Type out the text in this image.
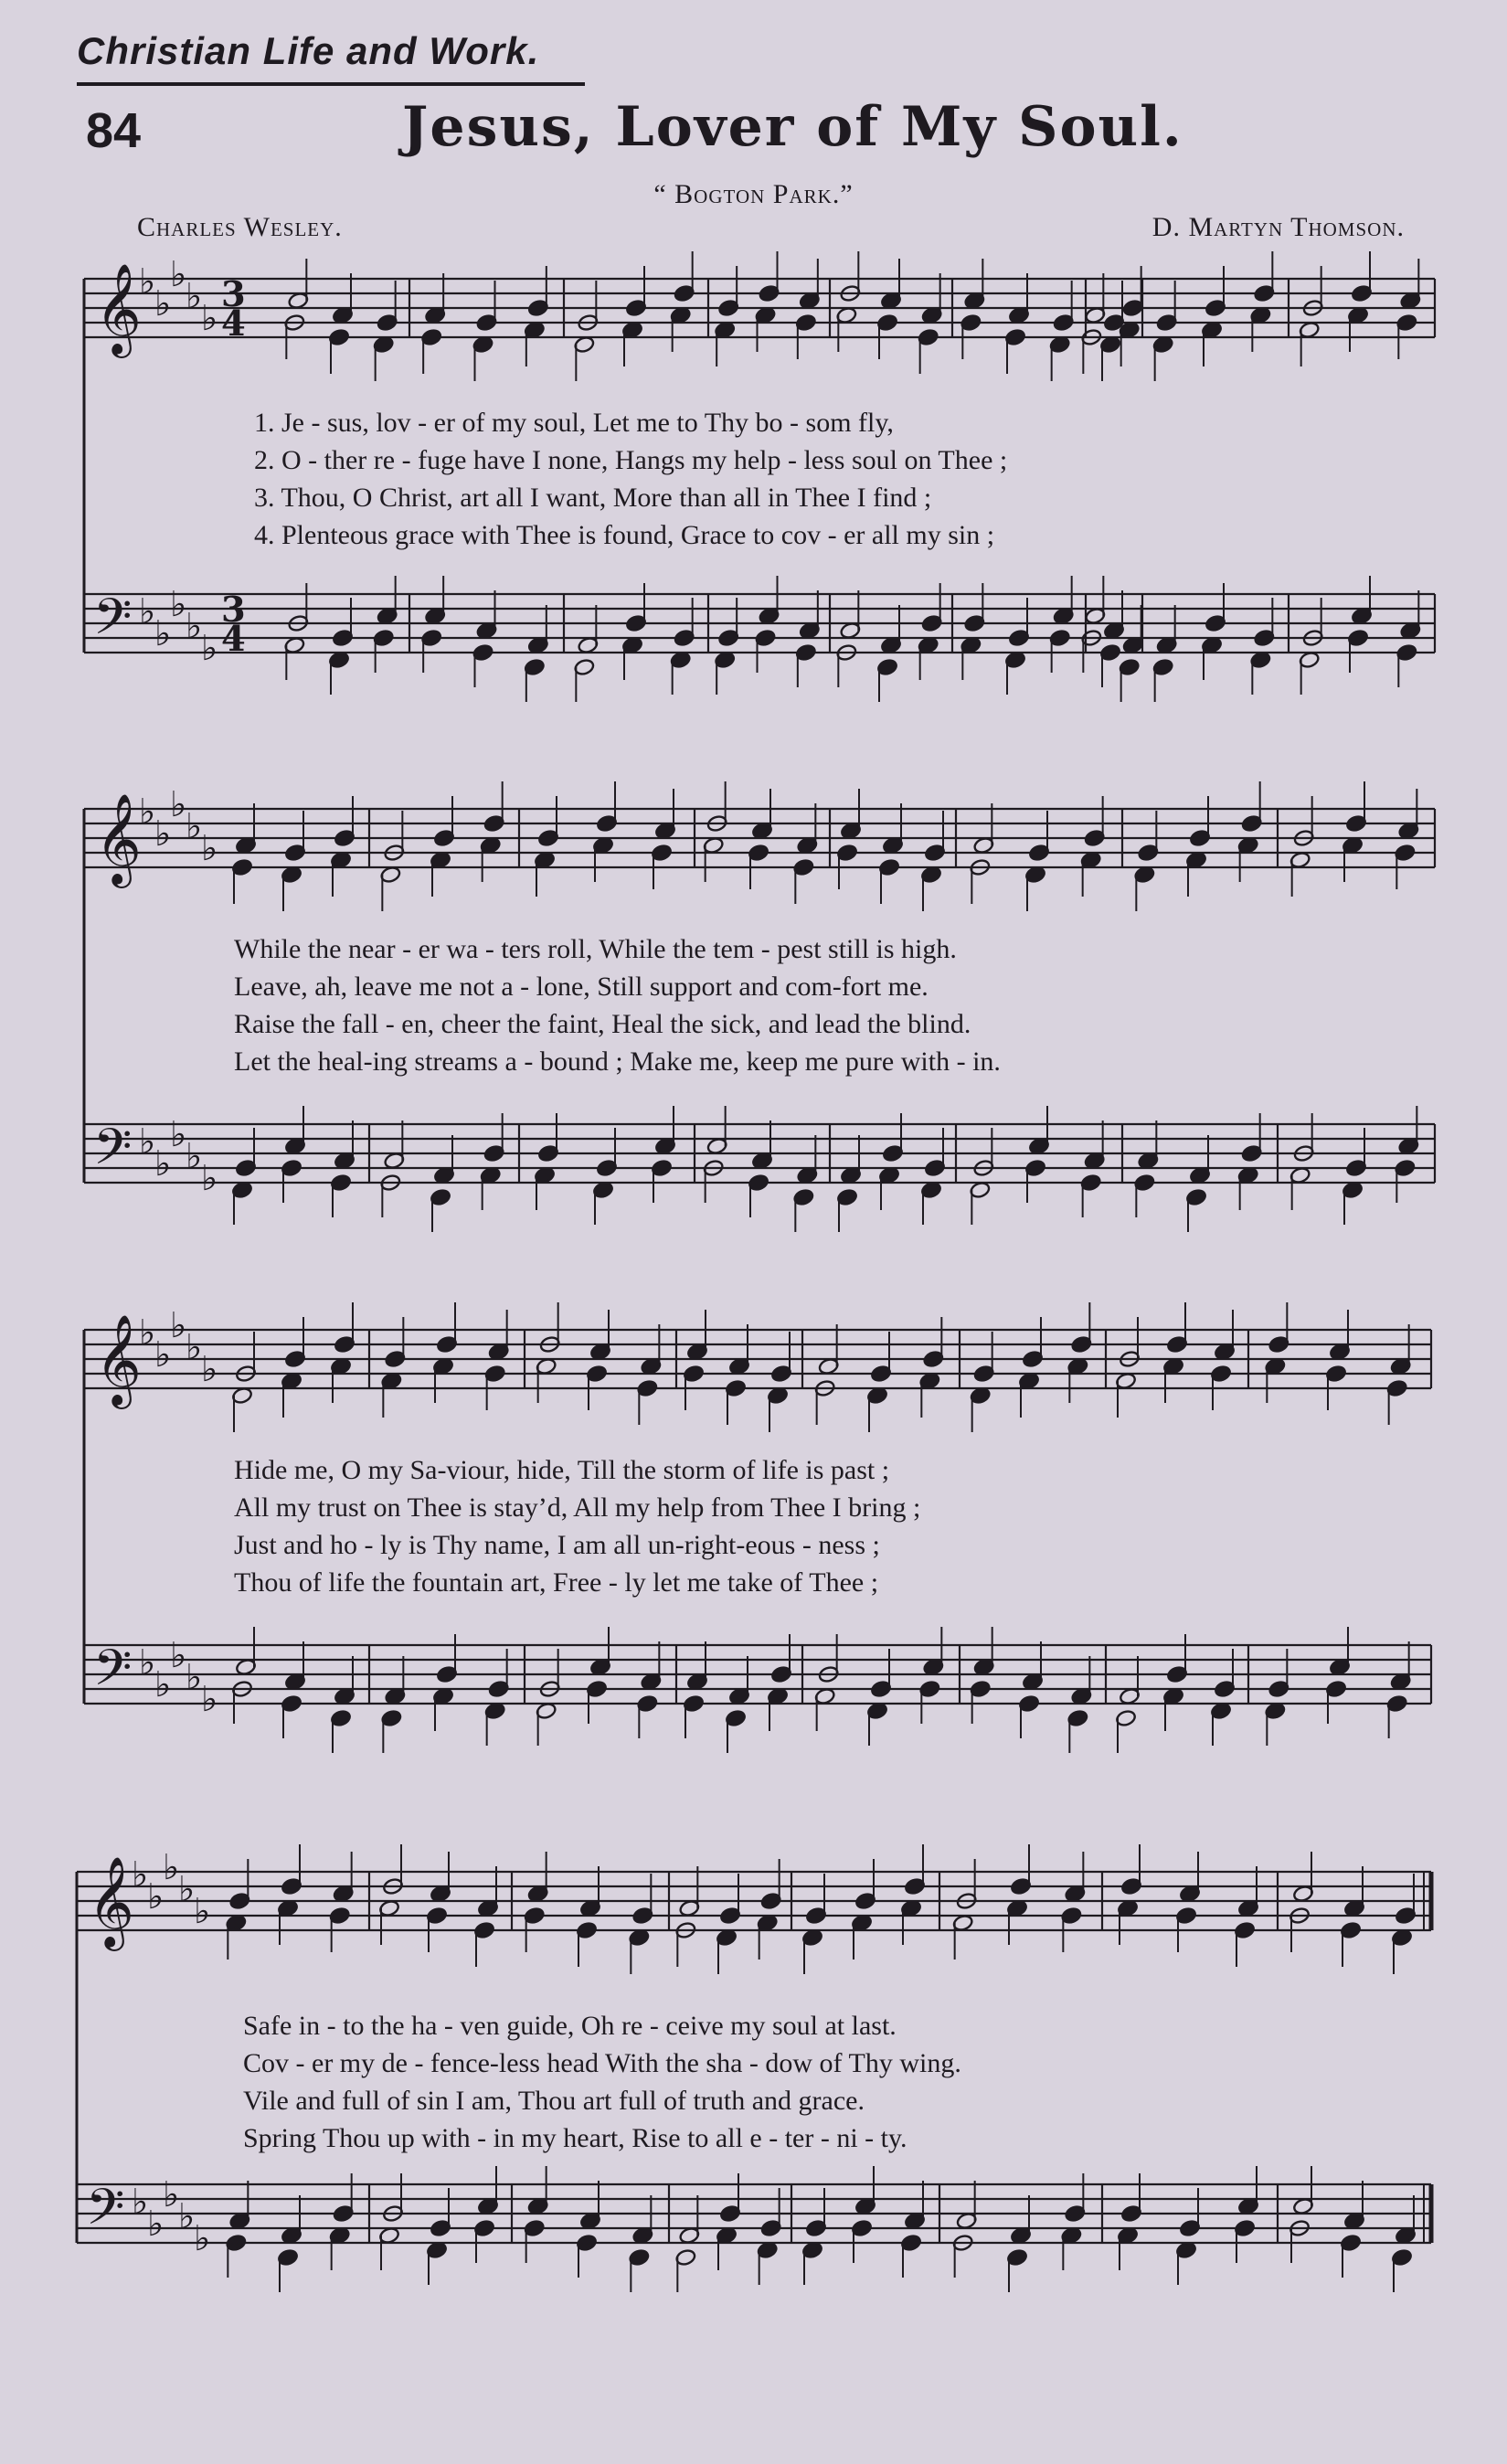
Christian Life and Work.
84	Jesus, Lover of My Soul.
“ Bogton Park.”
Charles Wesley.	D. Martyn Thomson.
𝄞
𝄢
♭
♭
♭
♭
♭
♭
♭
♭
♭
♭
3
4
3
4
𝄞
𝄢
♭
♭
♭
♭
♭
♭
♭
♭
♭
♭
𝄞
𝄢
♭
♭
♭
♭
♭
♭
♭
♭
♭
♭
𝄞
𝄢
♭
♭
♭
♭
♭
♭
♭
♭
♭
♭
1. Je - sus, lov - er of my soul, Let me to Thy bo - som fly,
2. O - ther re - fuge have I none, Hangs my help - less soul on Thee ;
3. Thou, O Christ, art all I want, More than all in Thee I find ;
4. Plenteous grace with Thee is found, Grace to cov - er all my sin ;
While the near - er wa - ters roll, While the tem - pest still is high.
Leave, ah, leave me not a - lone, Still support and com-fort me.
Raise the fall - en, cheer the faint, Heal the sick, and lead the blind.
Let the heal-ing streams a - bound ; Make me, keep me pure with - in.
Hide me, O my Sa-viour, hide, Till the storm of life is past ;
All my trust on Thee is stay’d, All my help from Thee I bring ;
Just and ho - ly is Thy name, I am all un-right-eous - ness ;
Thou of life the fountain art, Free - ly let me take of Thee ;
Safe in - to the ha - ven guide, Oh re - ceive my soul at last.
Cov - er my de - fence-less head With the sha - dow of Thy wing.
Vile and full of sin I am, Thou art full of truth and grace.
Spring Thou up with - in my heart, Rise to all e - ter - ni - ty.
